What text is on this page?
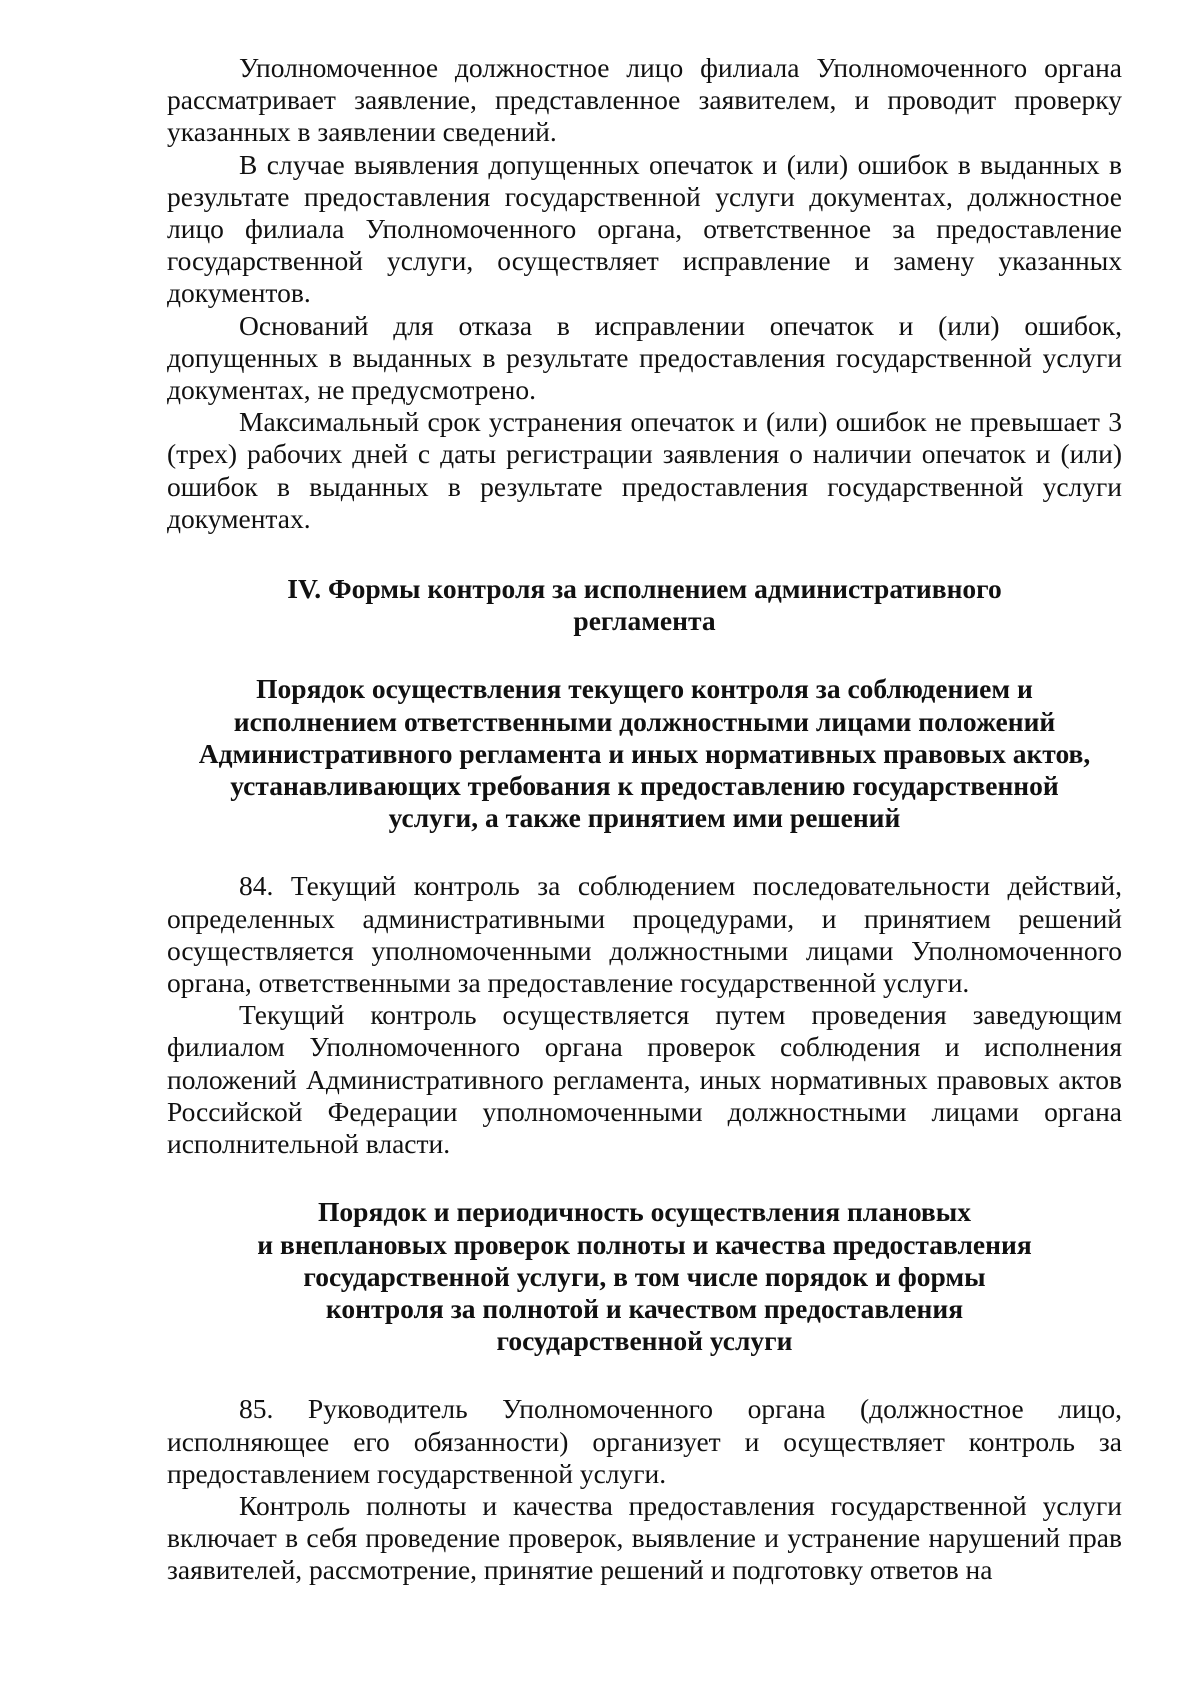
Уполномоченное должностное лицо филиала Уполномоченного органа рассматривает заявление, представленное заявителем, и проводит проверку указанных в заявлении сведений.

В случае выявления допущенных опечаток и (или) ошибок в выданных в результате предоставления государственной услуги документах, должностное лицо филиала Уполномоченного органа, ответственное за предоставление государственной услуги, осуществляет исправление и замену указанных документов.

Оснований для отказа в исправлении опечаток и (или) ошибок, допущенных в выданных в результате предоставления государственной услуги документах, не предусмотрено.

Максимальный срок устранения опечаток и (или) ошибок не превышает 3 (трех) рабочих дней с даты регистрации заявления о наличии опечаток и (или) ошибок в выданных в результате предоставления государственной услуги документах.

IV. Формы контроля за исполнением административного
регламента
Порядок осуществления текущего контроля за соблюдением и
исполнением ответственными должностными лицами положений
Административного регламента и иных нормативных правовых актов,
устанавливающих требования к предоставлению государственной
услуги, а также принятием ими решений

84. Текущий контроль за соблюдением последовательности действий, определенных административными процедурами, и принятием решений осуществляется уполномоченными должностными лицами Уполномоченного органа, ответственными за предоставление государственной услуги.

Текущий контроль осуществляется путем проведения заведующим филиалом Уполномоченного органа проверок соблюдения и исполнения положений Административного регламента, иных нормативных правовых актов Российской Федерации уполномоченными должностными лицами органа исполнительной власти.

Порядок и периодичность осуществления плановых
и внеплановых проверок полноты и качества предоставления
государственной услуги, в том числе порядок и формы
контроля за полнотой и качеством предоставления
государственной услуги

85. Руководитель Уполномоченного органа (должностное лицо, исполняющее его обязанности) организует и осуществляет контроль за предоставлением государственной услуги.

Контроль полноты и качества предоставления государственной услуги включает в себя проведение проверок, выявление и устранение нарушений прав заявителей, рассмотрение, принятие решений и подготовку ответов на
